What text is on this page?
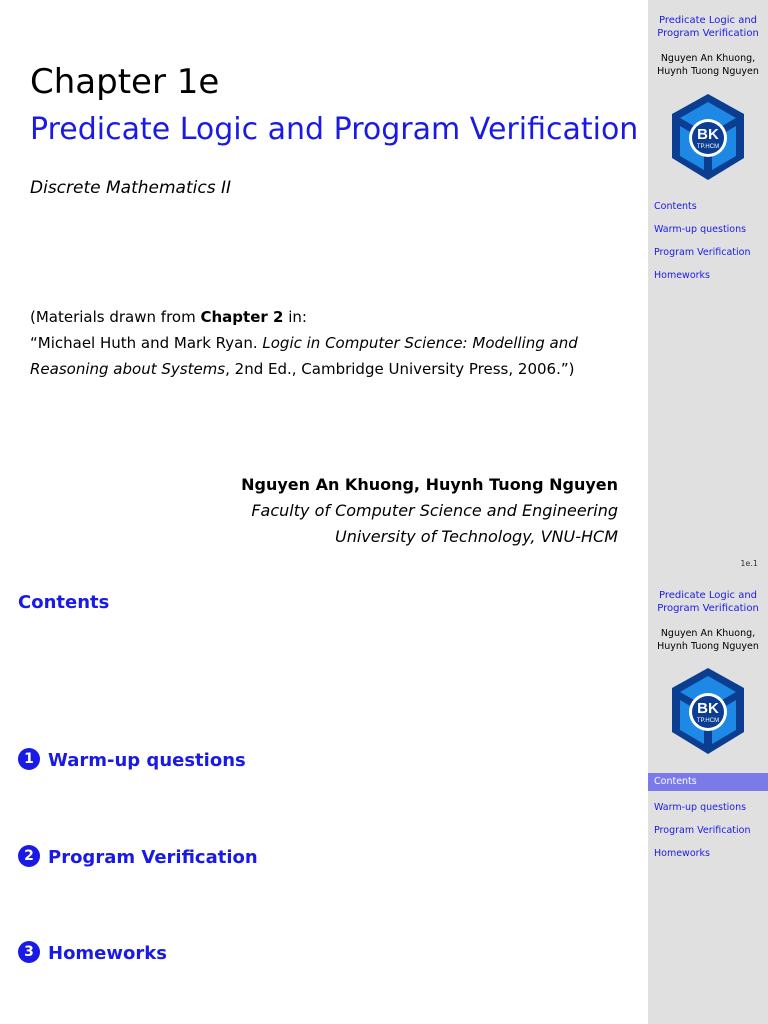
Chapter 1e
Predicate Logic and Program Verification
Discrete Mathematics II
(Materials drawn from Chapter 2 in:
“Michael Huth and Mark Ryan. Logic in Computer Science: Modelling and Reasoning about Systems, 2nd Ed., Cambridge University Press, 2006.”)
Nguyen An Khuong, Huynh Tuong Nguyen
Faculty of Computer Science and Engineering
University of Technology, VNU-HCM
Predicate Logic and
Program Verification
Nguyen An Khuong,
Huynh Tuong Nguyen
BK
TP.HCM
Contents
Warm-up questions
Program Verification
Homeworks
1e.1
Contents
1 Warm-up questions
2 Program Verification
3 Homeworks
Predicate Logic and
Program Verification
Nguyen An Khuong,
Huynh Tuong Nguyen
BK
TP.HCM
Contents
Warm-up questions
Program Verification
Homeworks
